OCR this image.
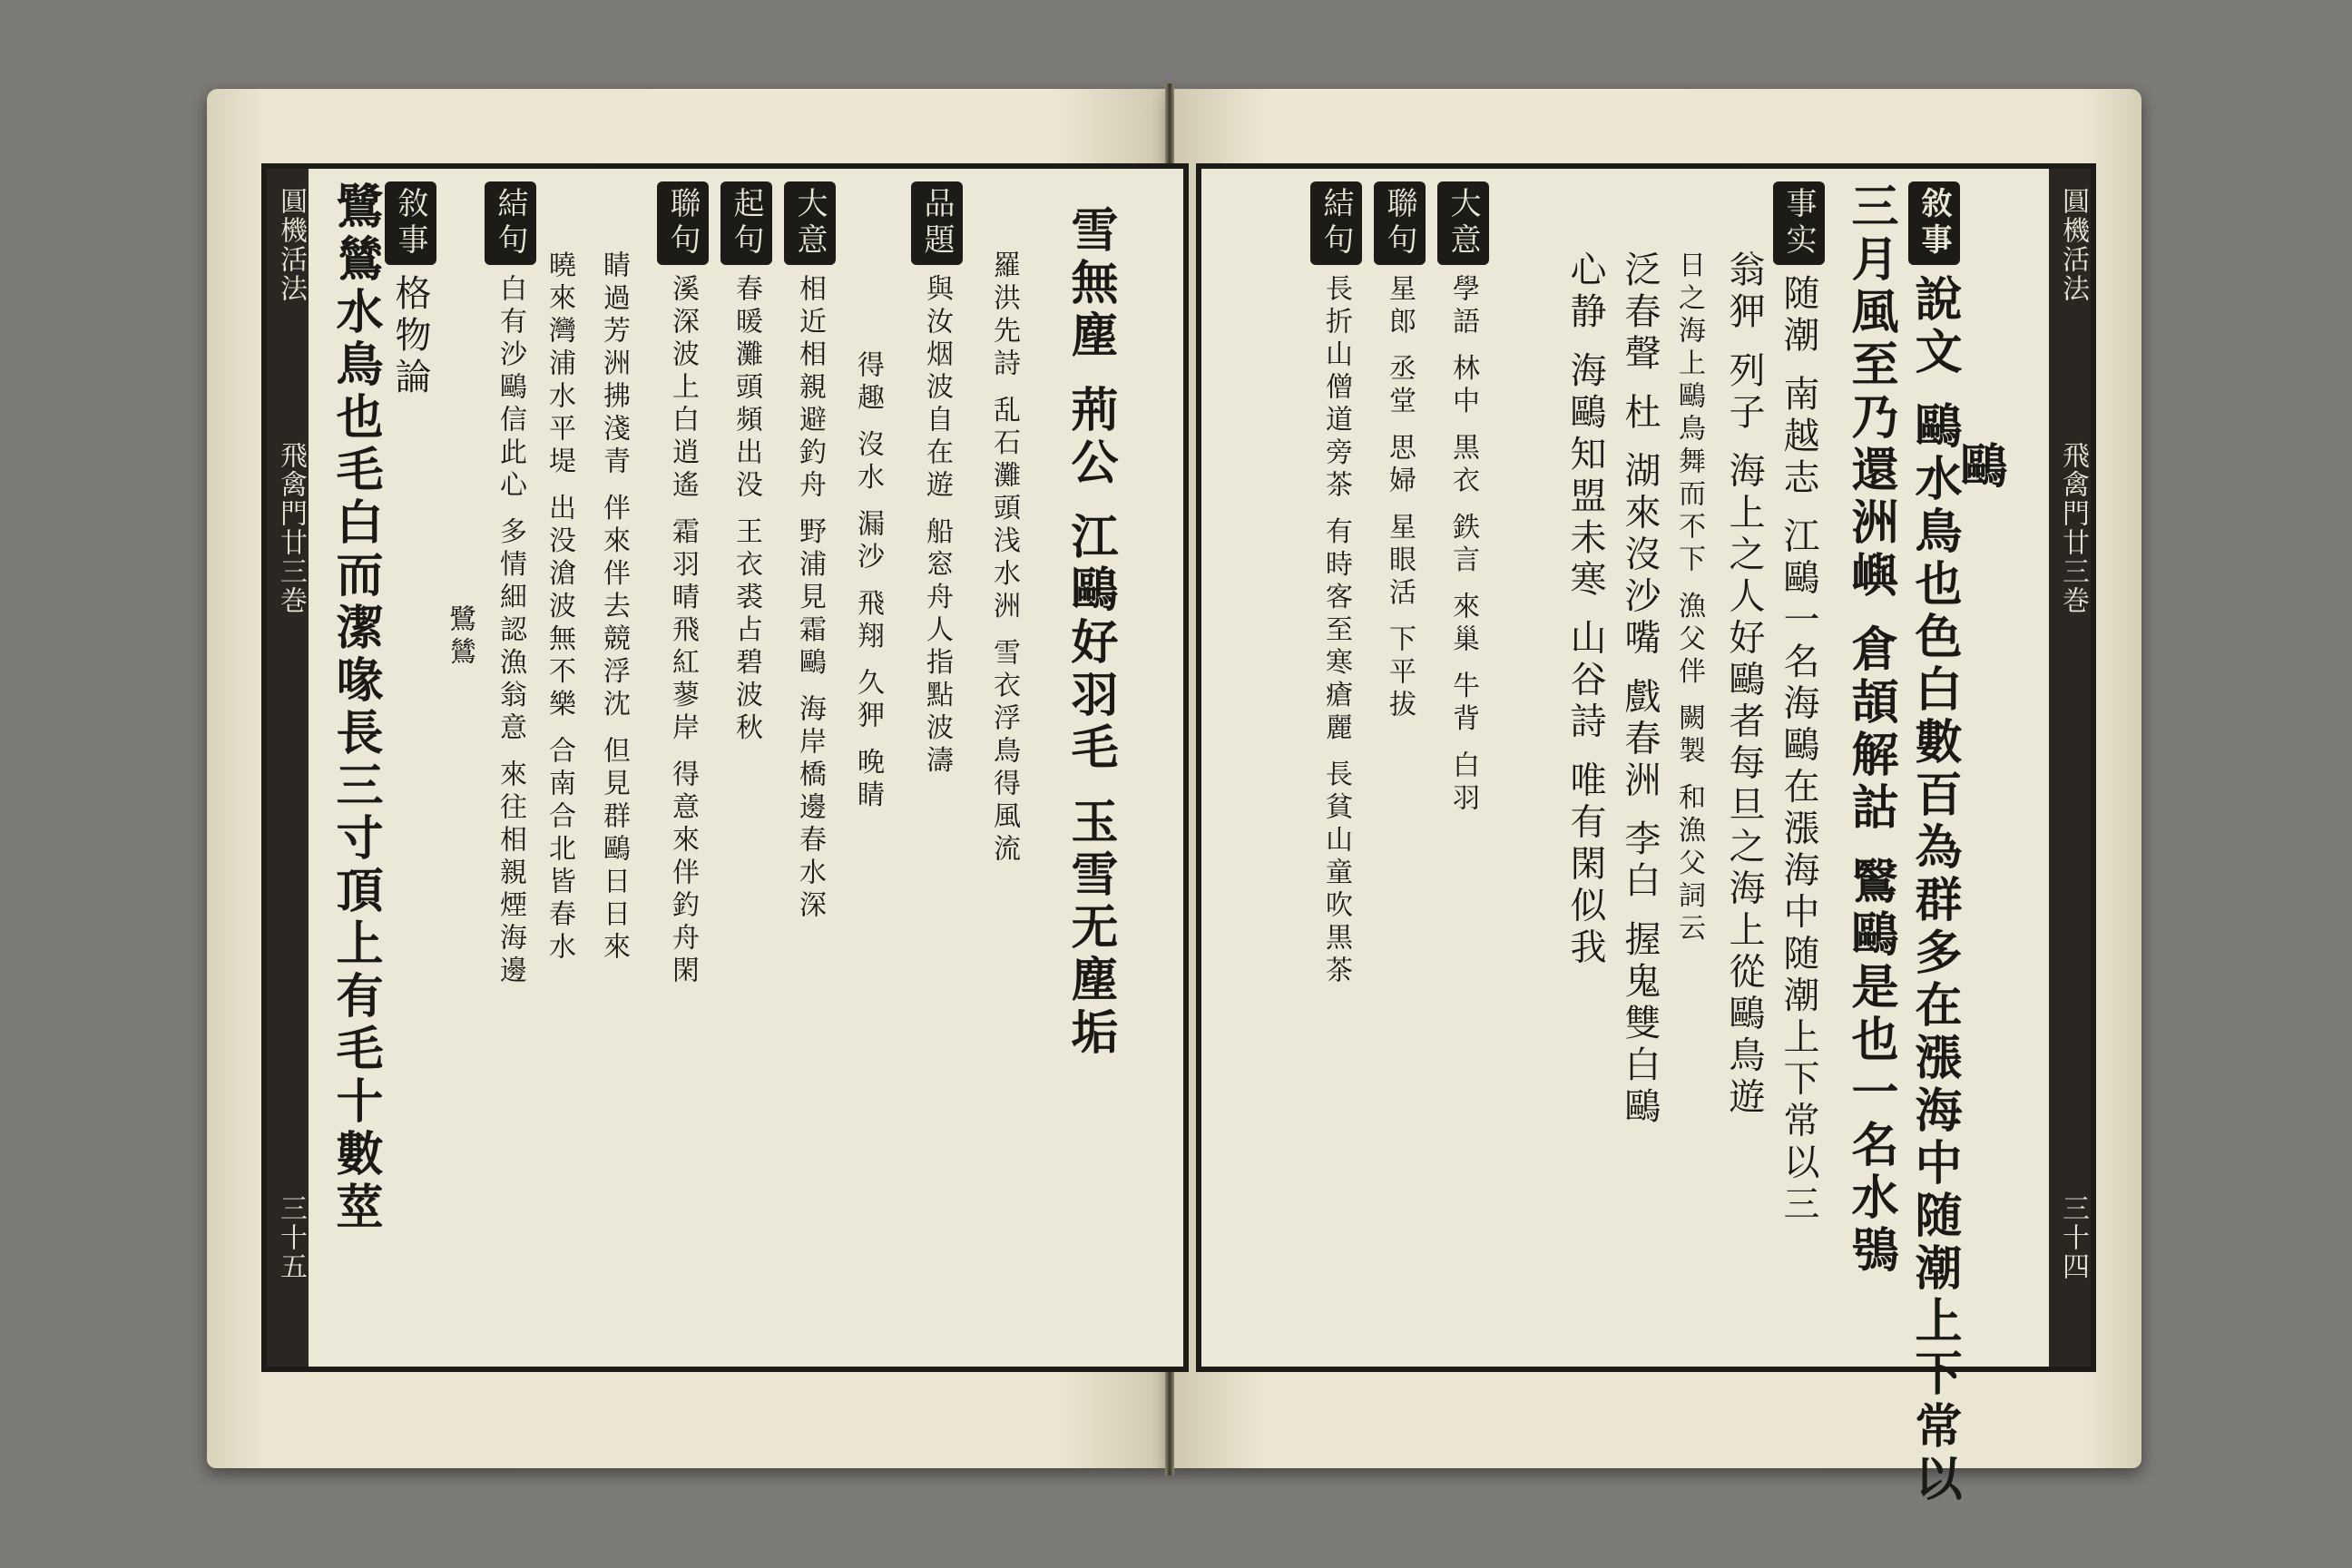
圓機活法
飛禽門廿三巻
三十五
鷺鷥水鳥也毛白而潔喙長三寸頂上有毛十數莖 敘事格物論
鷺鷥
結句白有沙鷗信此心 多情細認漁翁意 來往相親煙海邊 曉來灣浦水平堤 出没滄波無不樂 合南合北皆春水 睛過芳洲拂淺青 伴來伴去競浮沈 但見群鷗日日來
聯句溪深波上白逍遙 霜羽晴飛紅蓼岸 得意來伴釣舟閑
起句春暖灘頭頻出没 王衣裘占碧波秋
大意相近相親避釣舟 野浦見霜鷗 海岸橋邊春水深 得趣 沒水 漏沙 飛翔 久狎 晚睛
品題與汝烟波自在遊 船窓舟人指點波濤	羅洪先詩 乱石灘頭浅水洲 雪衣浮鳥得風流 雪無塵 荊公 江鷗好羽毛 玉雪无塵垢	圓機活法
飛禽門廿三巻
三十四
鷗
敘事說文 鷗水鳥也色白數百為群多在漲海中随潮上下常以
三月風至乃還洲嶼 倉頡解詁 鷖鷗是也一名水鴞
事实随潮 南越志 江鷗一名海鷗在漲海中随潮上下常以三
翁狎 列子 海上之人好鷗者每旦之海上從鷗鳥遊
日之海上鷗鳥舞而不下 漁父伴 闕製 和漁父詞云
泛春聲 杜 湖來沒沙嘴 戲春洲 李白 握鬼雙白鷗
心静 海鷗知盟未寒 山谷詩 唯有閑似我
大意學語 林中 黒衣 鉄言 來巢 牛背 白羽
聯句星郎 丞堂 思婦 星眼活 下平拔
結句長折山僧道旁茶 有時客至寒瘡麗 長貧山童吹黒茶
